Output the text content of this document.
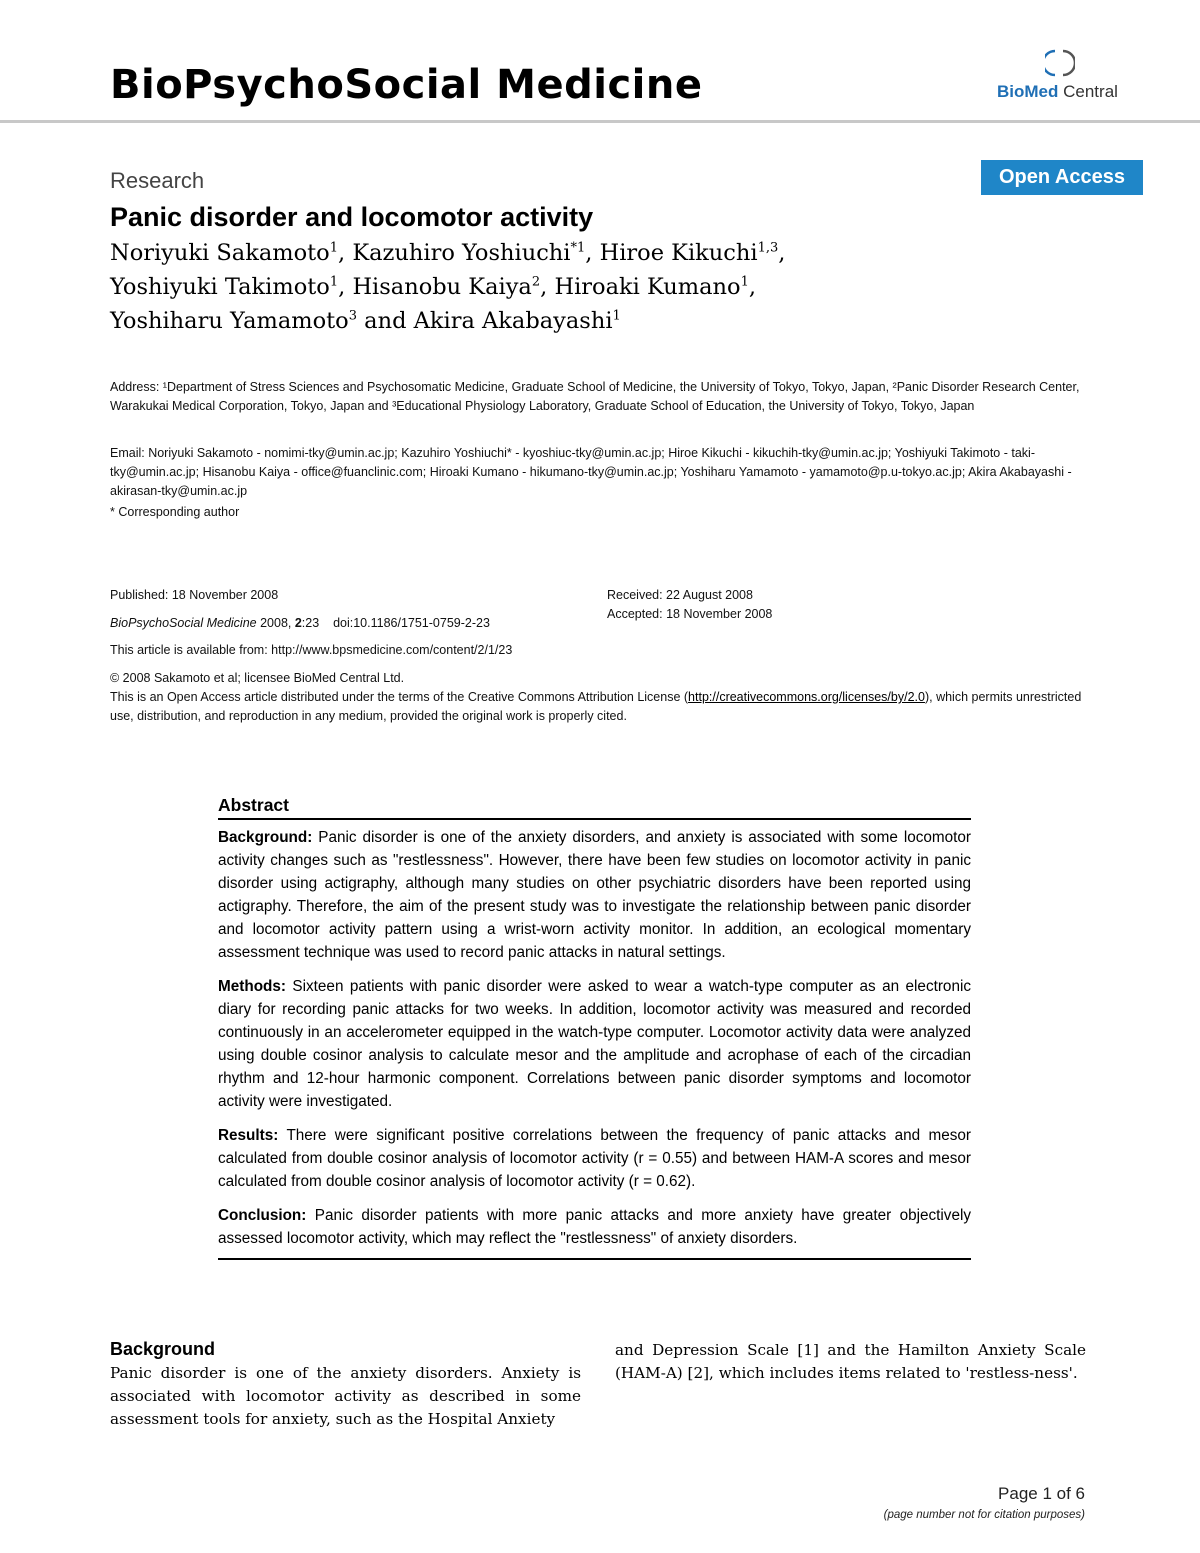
BioPsychoSocial Medicine	BioMed Central
Research	Open Access
Panic disorder and locomotor activity
Noriyuki Sakamoto$^1$, Kazuhiro Yoshiuchi$^{*1}$, Hiroe Kikuchi$^{1,3}$,
Yoshiyuki Takimoto$^1$, Hisanobu Kaiya$^2$, Hiroaki Kumano$^1$,
Yoshiharu Yamamoto$^3$ and Akira Akabayashi$^1$
Address: ¹Department of Stress Sciences and Psychosomatic Medicine, Graduate School of Medicine, the University of Tokyo, Tokyo, Japan, ²Panic Disorder Research Center, Warakukai Medical Corporation, Tokyo, Japan and ³Educational Physiology Laboratory, Graduate School of Education, the University of Tokyo, Tokyo, Japan
Email: Noriyuki Sakamoto - nomimi-tky@umin.ac.jp; Kazuhiro Yoshiuchi* - kyoshiuc-tky@umin.ac.jp; Hiroe Kikuchi - kikuchih-tky@umin.ac.jp; Yoshiyuki Takimoto - taki-tky@umin.ac.jp; Hisanobu Kaiya - office@fuanclinic.com; Hiroaki Kumano - hikumano-tky@umin.ac.jp; Yoshiharu Yamamoto - yamamoto@p.u-tokyo.ac.jp; Akira Akabayashi - akirasan-tky@umin.ac.jp
* Corresponding author
Published: 18 November 2008
BioPsychoSocial Medicine 2008, 2:23    doi:10.1186/1751-0759-2-23
This article is available from: http://www.bpsmedicine.com/content/2/1/23
© 2008 Sakamoto et al; licensee BioMed Central Ltd.
This is an Open Access article distributed under the terms of the Creative Commons Attribution License (http://creativecommons.org/licenses/by/2.0), which permits unrestricted use, distribution, and reproduction in any medium, provided the original work is properly cited.
Received: 22 August 2008
Accepted: 18 November 2008
Abstract
Background: Panic disorder is one of the anxiety disorders, and anxiety is associated with some locomotor activity changes such as "restlessness". However, there have been few studies on locomotor activity in panic disorder using actigraphy, although many studies on other psychiatric disorders have been reported using actigraphy. Therefore, the aim of the present study was to investigate the relationship between panic disorder and locomotor activity pattern using a wrist-worn activity monitor. In addition, an ecological momentary assessment technique was used to record panic attacks in natural settings.
Methods: Sixteen patients with panic disorder were asked to wear a watch-type computer as an electronic diary for recording panic attacks for two weeks. In addition, locomotor activity was measured and recorded continuously in an accelerometer equipped in the watch-type computer. Locomotor activity data were analyzed using double cosinor analysis to calculate mesor and the amplitude and acrophase of each of the circadian rhythm and 12-hour harmonic component. Correlations between panic disorder symptoms and locomotor activity were investigated.
Results: There were significant positive correlations between the frequency of panic attacks and mesor calculated from double cosinor analysis of locomotor activity (r = 0.55) and between HAM-A scores and mesor calculated from double cosinor analysis of locomotor activity (r = 0.62).
Conclusion: Panic disorder patients with more panic attacks and more anxiety have greater objectively assessed locomotor activity, which may reflect the "restlessness" of anxiety disorders.
Background
Panic disorder is one of the anxiety disorders. Anxiety is associated with locomotor activity as described in some assessment tools for anxiety, such as the Hospital Anxiety
and Depression Scale [1] and the Hamilton Anxiety Scale (HAM-A) [2], which includes items related to 'restless-ness'.
Page 1 of 6
(page number not for citation purposes)
